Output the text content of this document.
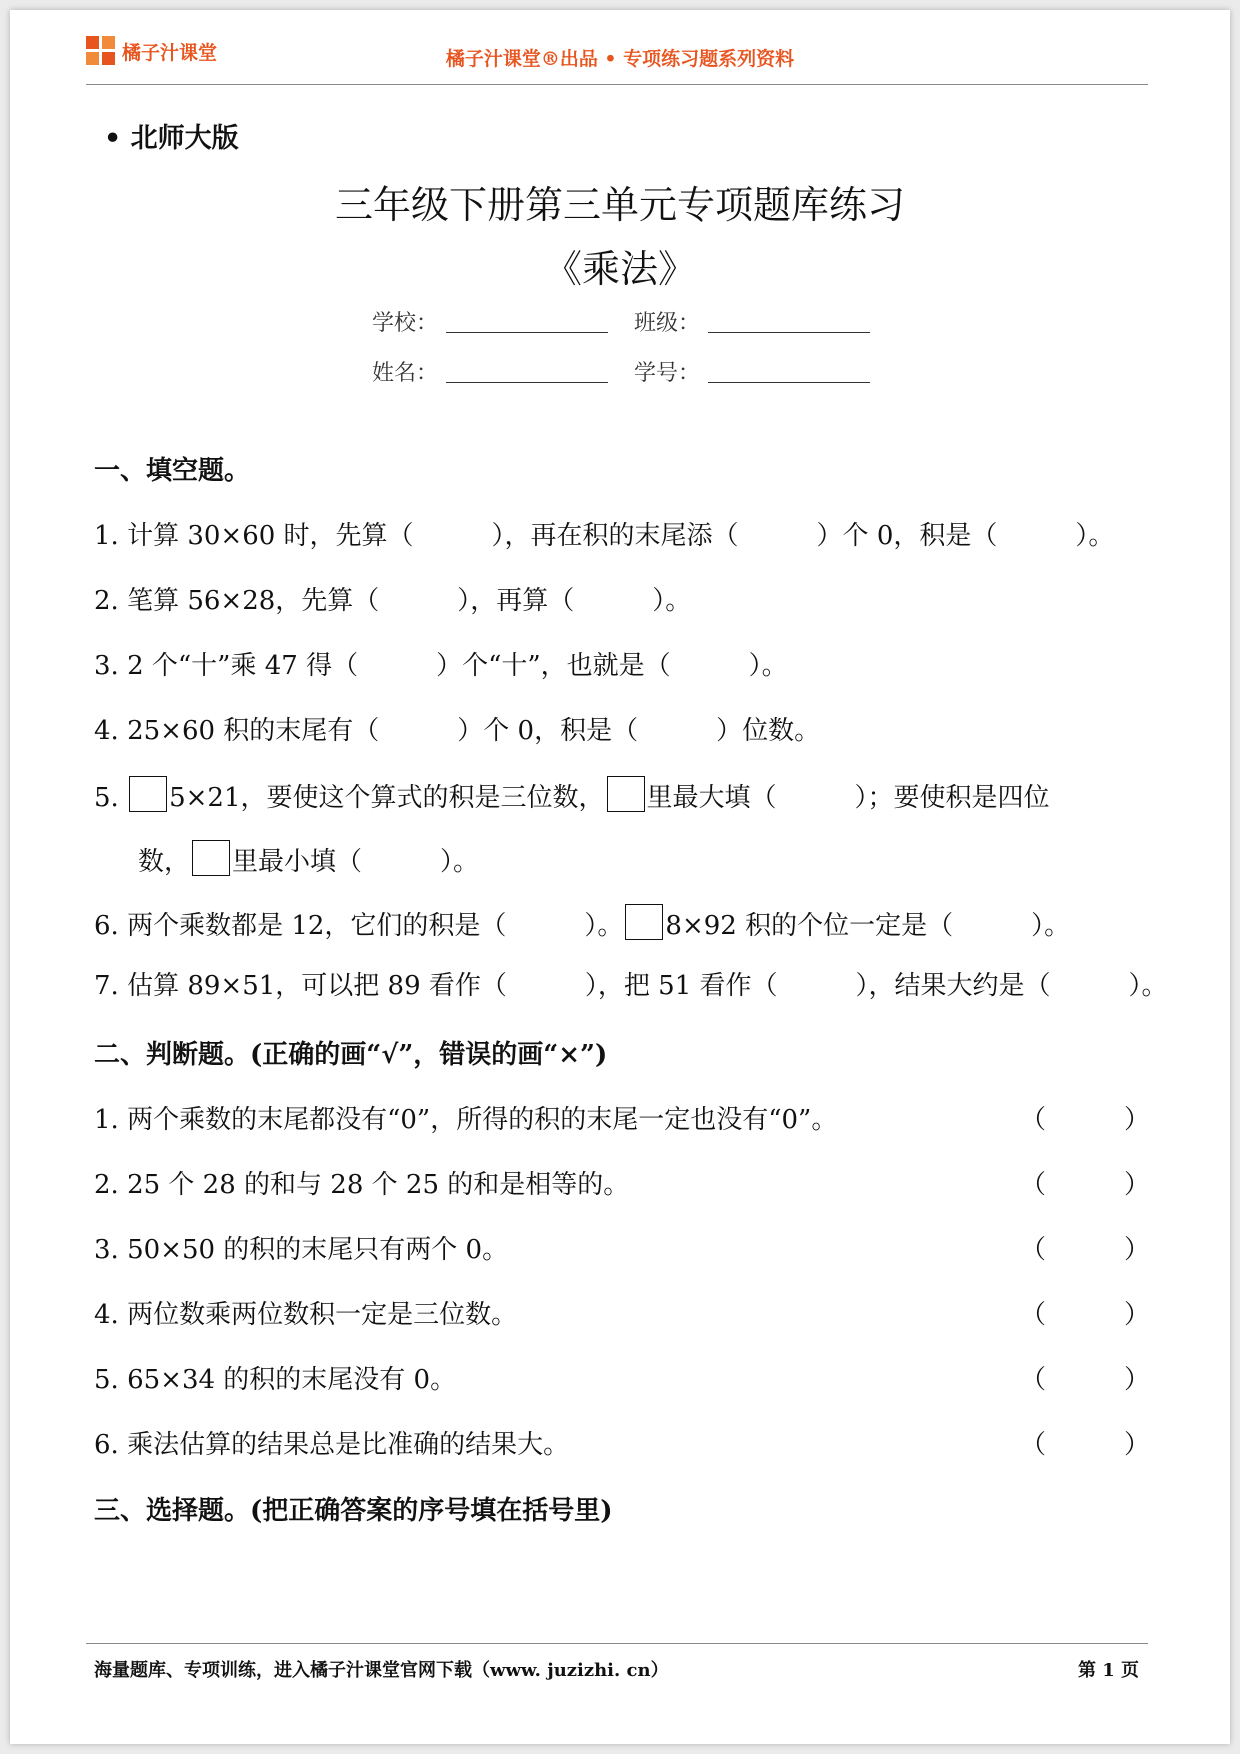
橘子汁课堂	橘子汁课堂®出品 • 专项练习题系列资料
• 北师大版
三年级下册第三单元专项题库练习
《乘法》
学校：	班级：
姓名：	学号：
一、填空题。
1. 计算 30×60 时，先算（　　　），再在积的末尾添（　　　）个 0，积是（　　　）。
2. 笔算 56×28，先算（　　　），再算（　　　）。
3. 2 个“十”乘 47 得（　　　）个“十”，也就是（　　　）。
4. 25×60 积的末尾有（　　　）个 0，积是（　　　）位数。
5. 5×21，要使这个算式的积是三位数， 里最大填（　　　）；要使积是四位
数， 里最小填（　　　）。
6. 两个乘数都是 12，它们的积是（　　　）。 8×92 积的个位一定是（　　　）。
7. 估算 89×51，可以把 89 看作（　　　），把 51 看作（　　　），结果大约是（　　　）。
二、判断题。(正确的画“√”，错误的画“×”)
1. 两个乘数的末尾都没有“0”，所得的积的末尾一定也没有“0”。	（　　　）
2. 25 个 28 的和与 28 个 25 的和是相等的。	（　　　）
3. 50×50 的积的末尾只有两个 0。	（　　　）
4. 两位数乘两位数积一定是三位数。	（　　　）
5. 65×34 的积的末尾没有 0。	（　　　）
6. 乘法估算的结果总是比准确的结果大。	（　　　）
三、选择题。(把正确答案的序号填在括号里)
海量题库、专项训练，进入橘子汁课堂官网下载（www. juzizhi. cn）	第 1 页
